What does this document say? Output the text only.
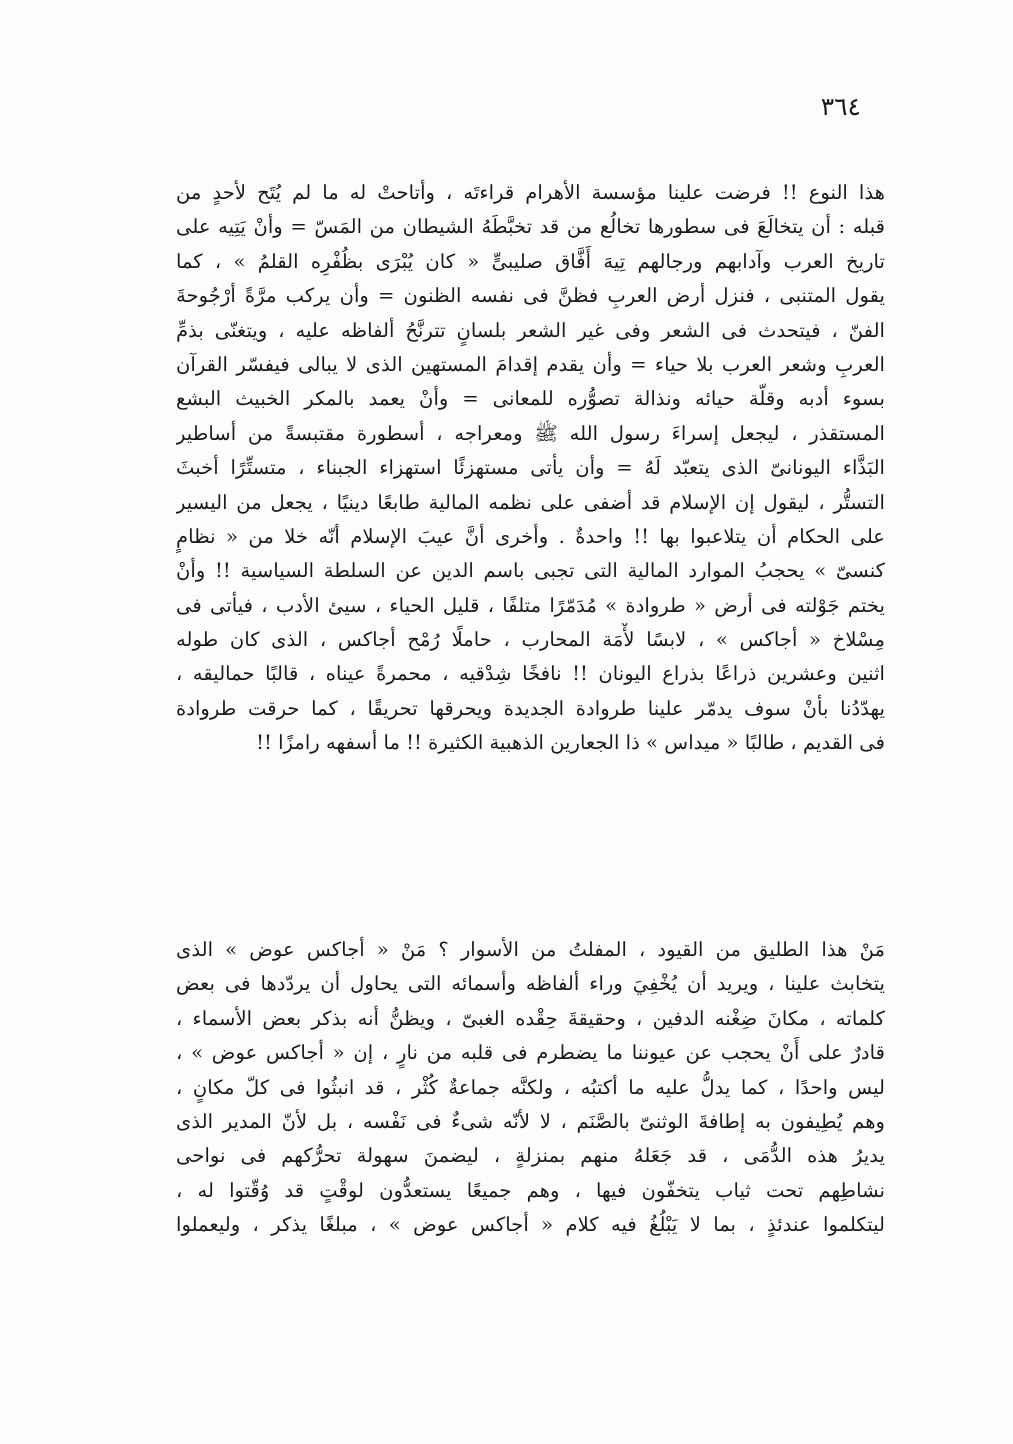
٣٦٤
هذا النوع !! فرضت علينا مؤسسة الأهرام قراءتَه ، وأتاحتْ له ما لم يُتَح لأحدٍ من
قبله : أن يتخالَعَ فى سطورها تخالُع من قد تخبَّطَهُ الشيطان من المَسّ = وأنْ يَتِيه على
تاريخ العرب وآدابهم ورجالهم تِيهَ أَفَّاق صليبىٍّ « كان يُبْرَى بظُفْرِه القلمُ » ، كما
يقول المتنبى ، فنزل أرض العربِ فظنَّ فى نفسه الظنون = وأن يركب مرَّةً أرْجُوحةَ
الفنّ ، فيتحدث فى الشعر وفى غير الشعر بلسانٍ تترنَّحُ ألفاظه عليه ، ويتغنّى بذمِّ
العربِ وشعر العرب بلا حياء = وأن يقدم إقدامَ المستهين الذى لا يبالى فيفسّر القرآن
بسوء أدبه وقلّة حيائه ونذالة تصوُّره للمعانى = وأنْ يعمد بالمكر الخبيث البشع
المستقذر ، ليجعل إسراءَ رسول الله ﷺ ومعراجه ، أسطورة مقتبسةً من أساطير
البَذَّاء اليونانىّ الذى يتعبّد لَهُ = وأن يأتى مستهزئًا استهزاء الجبناء ، متستِّرًا أخبثَ
التستُّر ، ليقول إن الإسلام قد أضفى على نظمه المالية طابعًا دينيًا ، يجعل من اليسير
على الحكام أن يتلاعبوا بها !! واحدةٌ . وأخرى أنَّ عيبَ الإسلام أنّه خلا من « نظامٍ
كنسىّ » يحجبُ الموارد المالية التى تجبى باسم الدين عن السلطة السياسية !! وأنْ
يختم جَوْلته فى أرض « طروادة » مُدَمّرًا متلفًا ، قليل الحياء ، سيئ الأدب ، فيأتى فى
مِسْلاخ « أجاكس » ، لابسًا لأْمَة المحارب ، حاملًا رُمْح أجاكس ، الذى كان طوله
اثنين وعشرين ذراعًا بذراع اليونان !! نافخًا شِدْقيه ، محمرةً عيناه ، قالبًا حماليقه ،
يهدّدُنا بأنْ سوف يدمّر علينا طروادة الجديدة ويحرقها تحريقًا ، كما حرقت طروادة
فى القديم ، طالبًا « ميداس » ذا الجعارين الذهبية الكثيرة !! ما أسفهه رامزًا !!
مَنْ هذا الطليق من القيود ، المفلتُ من الأسوار ؟ مَنْ « أجاكس عوض » الذى
يتخابث علينا ، ويريد أن يُخْفِيَ وراء ألفاظه وأسمائه التى يحاول أن يردّدها فى بعض
كلماته ، مكانَ ضِغْنه الدفين ، وحقيقةَ حِقْده الغبىّ ، ويظنُّ أنه بذكر بعض الأسماء ،
قادرٌ على أَنْ يحجب عن عيوننا ما يضطرم فى قلبه من نارٍ ، إن « أجاكس عوض » ،
ليس واحدًا ، كما يدلُّ عليه ما أكتبُه ، ولكنَّه جماعةٌ كُثْر ، قد انبثُوا فى كلّ مكانٍ ،
وهم يُطِيفون به إطافةَ الوثنىّ بالصَّنَم ، لا لأنّه شىءٌ فى نَفْسه ، بل لأنّ المدير الذى
يديرُ هذه الدُّمَى ، قد جَعَلهُ منهم بمنزلةٍ ، ليضمنَ سهولة تحرُّكهم فى نواحى
نشاطِهم تحت ثياب يتخفّون فيها ، وهم جميعًا يستعدُّون لوقْتٍ قد وُقّتوا له ،
ليتكلموا عندئذٍ ، بما لا يَبْلُغُ فيه كلام « أجاكس عوض » ، مبلغًا يذكر ، وليعملوا
